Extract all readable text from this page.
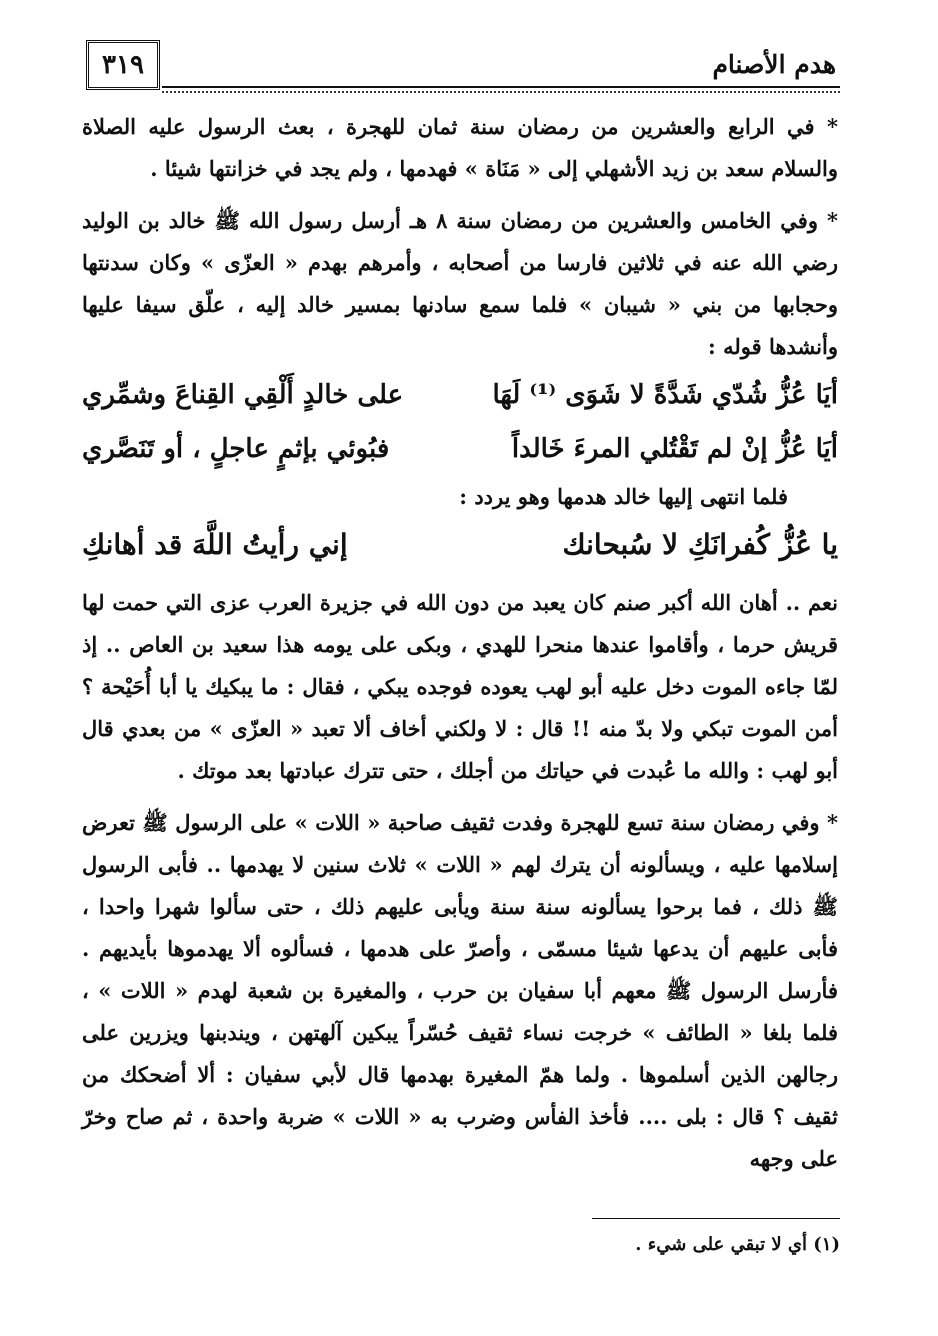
٣١٩	هدم الأصنام

* في الرابع والعشرين من رمضان سنة ثمان للهجرة ، بعث الرسول عليه الصلاة والسلام سعد بن زيد الأشهلي إلى « مَنَاة » فهدمها ، ولم يجد في خزانتها شيئا .

* وفي الخامس والعشرين من رمضان سنة ٨ هـ أرسل رسول الله ﷺ خالد بن الوليد رضي الله عنه في ثلاثين فارسا من أصحابه ، وأمرهم بهدم « العزّى » وكان سدنتها وحجابها من بني « شيبان » فلما سمع سادنها بمسير خالد إليه ، علّق سيفا عليها وأنشدها قوله :

أيَا عُزُّ شُدّي شَدَّةً لا شَوَى ⁽¹⁾ لَهَا
على خالدٍ أَلْقِي القِناعَ وشمِّري
أيَا عُزُّ إنْ لم تَقْتُلي المرءَ خَالداً
فبُوئي بإثمٍ عاجلٍ ، أو تَنَصَّري

فلما انتهى إليها خالد هدمها وهو يردد :

يا عُزُّ كُفرانَكِ لا سُبحانك
إني رأيتُ اللَّهَ قد أهانكِ

نعم .. أهان الله أكبر صنم كان يعبد من دون الله في جزيرة العرب عزى التي حمت لها قريش حرما ، وأقاموا عندها منحرا للهدي ، وبكى على يومه هذا سعيد بن العاص .. إذ لمّا جاءه الموت دخل عليه أبو لهب يعوده فوجده يبكي ، فقال : ما يبكيك يا أبا أُحَيْحة ؟ أمن الموت تبكي ولا بدّ منه !! قال : لا ولكني أخاف ألا تعبد « العزّى » من بعدي قال أبو لهب : والله ما عُبدت في حياتك من أجلك ، حتى تترك عبادتها بعد موتك .

* وفي رمضان سنة تسع للهجرة وفدت ثقيف صاحبة « اللات » على الرسول ﷺ تعرض إسلامها عليه ، ويسألونه أن يترك لهم « اللات » ثلاث سنين لا يهدمها .. فأبى الرسول ﷺ ذلك ، فما برحوا يسألونه سنة سنة ويأبى عليهم ذلك ، حتى سألوا شهرا واحدا ، فأبى عليهم أن يدعها شيئا مسمّى ، وأصرّ على هدمها ، فسألوه ألا يهدموها بأيديهم . فأرسل الرسول ﷺ معهم أبا سفيان بن حرب ، والمغيرة بن شعبة لهدم « اللات » ، فلما بلغا « الطائف » خرجت نساء ثقيف حُسّراً يبكين آلهتهن ، ويندبنها ويزرين على رجالهن الذين أسلموها . ولما همّ المغيرة بهدمها قال لأبي سفيان : ألا أضحكك من ثقيف ؟ قال : بلى .... فأخذ الفأس وضرب به « اللات » ضربة واحدة ، ثم صاح وخرّ على وجهه

(١) أي لا تبقي على شيء .
